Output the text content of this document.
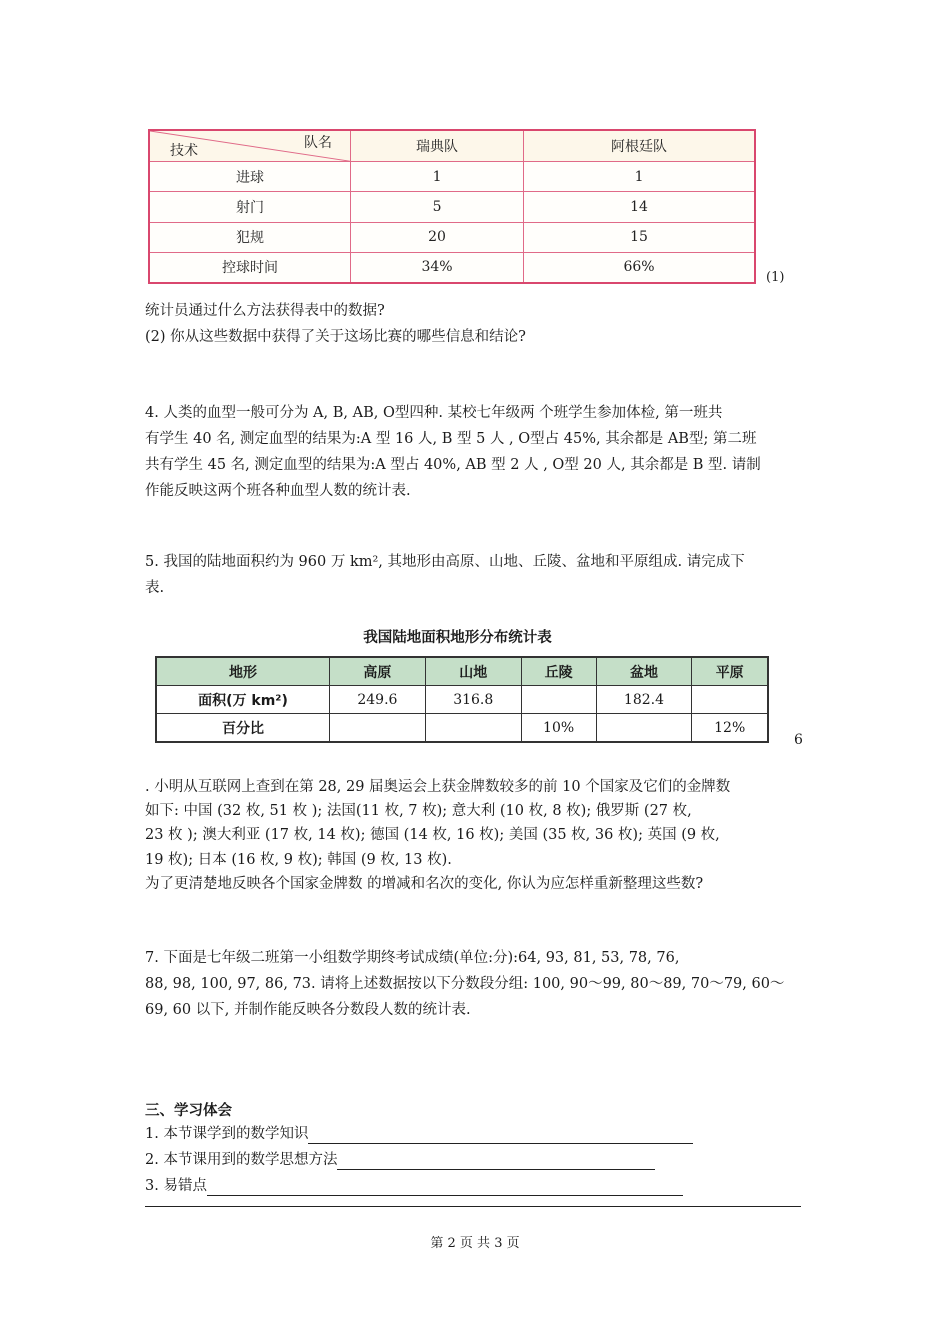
队名
技术	瑞典队	阿根廷队
进球	1	1
射门	5	14
犯规	20	15
控球时间	34%	66%
(1)
统计员通过什么方法获得表中的数据?
(2) 你从这些数据中获得了关于这场比赛的哪些信息和结论?
4. 人类的血型一般可分为 A, B, AB, O型四种. 某校七年级两 个班学生参加体检, 第一班共
有学生 40 名, 测定血型的结果为:A 型 16 人, B 型 5 人 , O型占 45%, 其余都是 AB型; 第二班
共有学生 45 名, 测定血型的结果为:A 型占 40%, AB 型 2 人 , O型 20 人, 其余都是 B 型. 请制
作能反映这两个班各种血型人数的统计表.
5. 我国的陆地面积约为 960 万 km², 其地形由高原、山地、丘陵、盆地和平原组成. 请完成下
表.
我国陆地面积地形分布统计表
地形	高原	山地	丘陵	盆地	平原
面积(万 km²)	249.6	316.8		182.4	
百分比			10%		12%
6
. 小明从互联网上查到在第 28, 29 届奥运会上获金牌数较多的前 10 个国家及它们的金牌数
如下: 中国 (32 枚, 51 枚 ); 法国(11 枚, 7 枚); 意大利 (10 枚, 8 枚); 俄罗斯 (27 枚,
23 枚 ); 澳大利亚 (17 枚, 14 枚); 德国 (14 枚, 16 枚); 美国 (35 枚, 36 枚); 英国 (9 枚,
19 枚); 日本 (16 枚, 9 枚); 韩国 (9 枚, 13 枚).
为了更清楚地反映各个国家金牌数 的增减和名次的变化, 你认为应怎样重新整理这些数?
7. 下面是七年级二班第一小组数学期终考试成绩(单位:分):64, 93, 81, 53, 78, 76,
88, 98, 100, 97, 86, 73. 请将上述数据按以下分数段分组: 100, 90～99, 80～89, 70～79, 60～
69, 60 以下, 并制作能反映各分数段人数的统计表.
三、学习体会
1. 本节课学到的数学知识
2. 本节课用到的数学思想方法
3. 易错点
第 2 页 共 3 页
